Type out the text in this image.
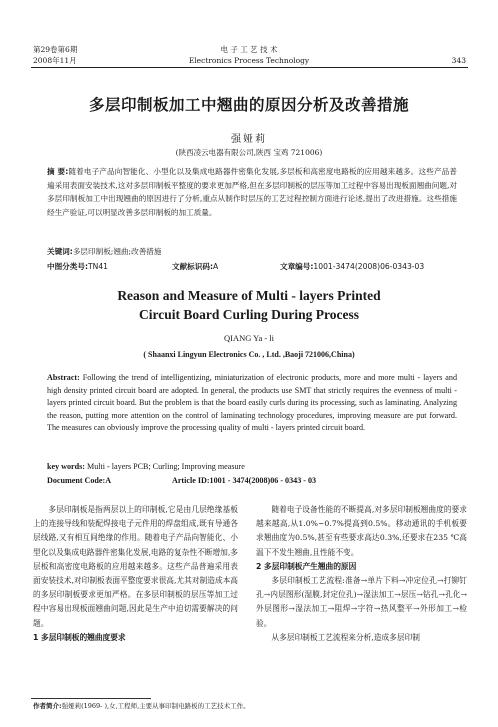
第29卷第6期
2008年11月
电 子 工 艺 技 术
Electronics Process Technology	343
多层印制板加工中翘曲的原因分析及改善措施
强娅莉
(陕西凌云电器有限公司,陕西 宝鸡 721006)
摘 要:随着电子产品向智能化、小型化以及集成电路器件密集化发展,多层板和高密度电路板的应用越来越多。这些产品普遍采用表面安装技术,这对多层印制板平整度的要求更加严格,但在多层印制板的层压等加工过程中容易出现板面翘曲问题,对多层印制板加工中出现翘曲的原因进行了分析,重点从制作时层压的工艺过程控制方面进行论述,提出了改进措施。这些措施经生产验证,可以明显改善多层印制板的加工质量。
关键词:多层印制板;翘曲;改善措施
中图分类号:TN41	文献标识码:A	文章编号:1001-3474(2008)06-0343-03
Reason and Measure of Multi - layers Printed
Circuit Board Curling During Process
QIANG Ya - li
( Shaanxi Lingyun Electronics Co. , Ltd. ,Baoji 721006,China)
Abstract: Following the trend of intelligentizing, miniaturization of electronic products, more and more multi - layers and high density printed circuit board are adopted. In general, the products use SMT that strictly requires the evenness of multi - layers printed circuit board. But the problem is that the board easily curls during its processing, such as laminating. Analyzing the reason, putting more attention on the control of laminating technology procedures, improving measure are put forward. The measures can obviously improve the processing quality of multi - layers printed circuit board.
key words: Multi - layers PCB; Curling; Improving measure
Document Code:A	Article ID:1001 - 3474(2008)06 - 0343 - 03

多层印制板是指两层以上的印制板,它是由几层绝缘基板上的连接导线和装配焊接电子元件用的焊盘组成,既有导通各层线路,又有相互间绝缘的作用。随着电子产品向智能化、小型化以及集成电路器件密集化发展,电路的复杂性不断增加,多层板和高密度电路板的应用越来越多。这些产品普遍采用表面安装技术,对印制板表面平整度要求很高,尤其对制造成本高的多层印制板要求更加严格。在多层印制板的层压等加工过程中容易出现板面翘曲问题,因此是生产中迫切需要解决的问题。

1 多层印制板的翘曲度要求

随着电子设备性能的不断提高,对多层印制板翘曲度的要求越来越高,从1.0%~0.7%提高到0.5%。移动通讯的手机板要求翘曲度为0.5%,甚至有些要求高达0.3%,还要求在235 ℃高温下不发生翘曲,且性能不变。

2 多层印制板产生翘曲的原因

多层印制板工艺流程:准备→单片下料→冲定位孔→打铆钉孔→内层图形(湿膜,封定位孔)→湿法加工→层压→钻孔→孔化→外层图形→湿法加工→阻焊→字符→热风整平→外形加工→检验。

从多层印制板工艺流程来分析,造成多层印制

作者简介:强娅莉(1969- ),女,工程师,主要从事印制电路板的工艺技术工作。
